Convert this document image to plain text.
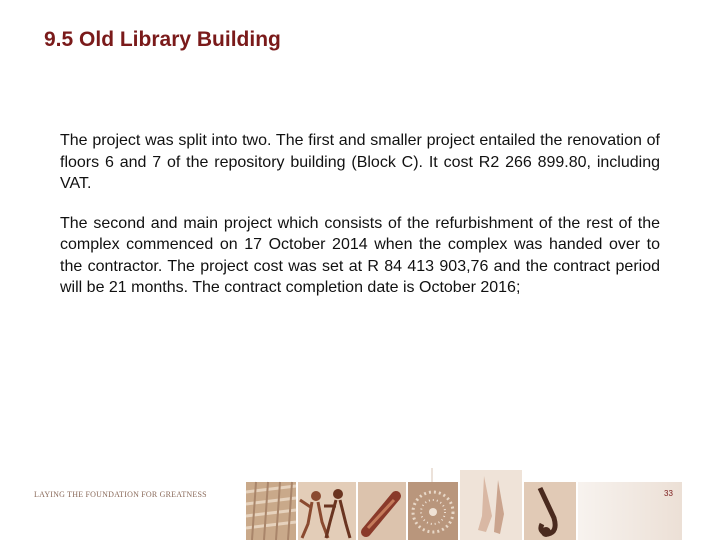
9.5 Old Library Building

The project was split into two. The first and smaller project entailed the renovation of floors 6 and 7 of the repository building (Block C). It cost R2 266 899.80, including VAT.

The second and main project which consists of the refurbishment of the rest of the complex commenced on 17 October 2014 when the complex was handed over to the contractor. The project cost was set at R 84 413 903,76 and the contract period will be 21 months. The contract completion date is October 2016;

LAYING THE FOUNDATION FOR GREATNESS	33
